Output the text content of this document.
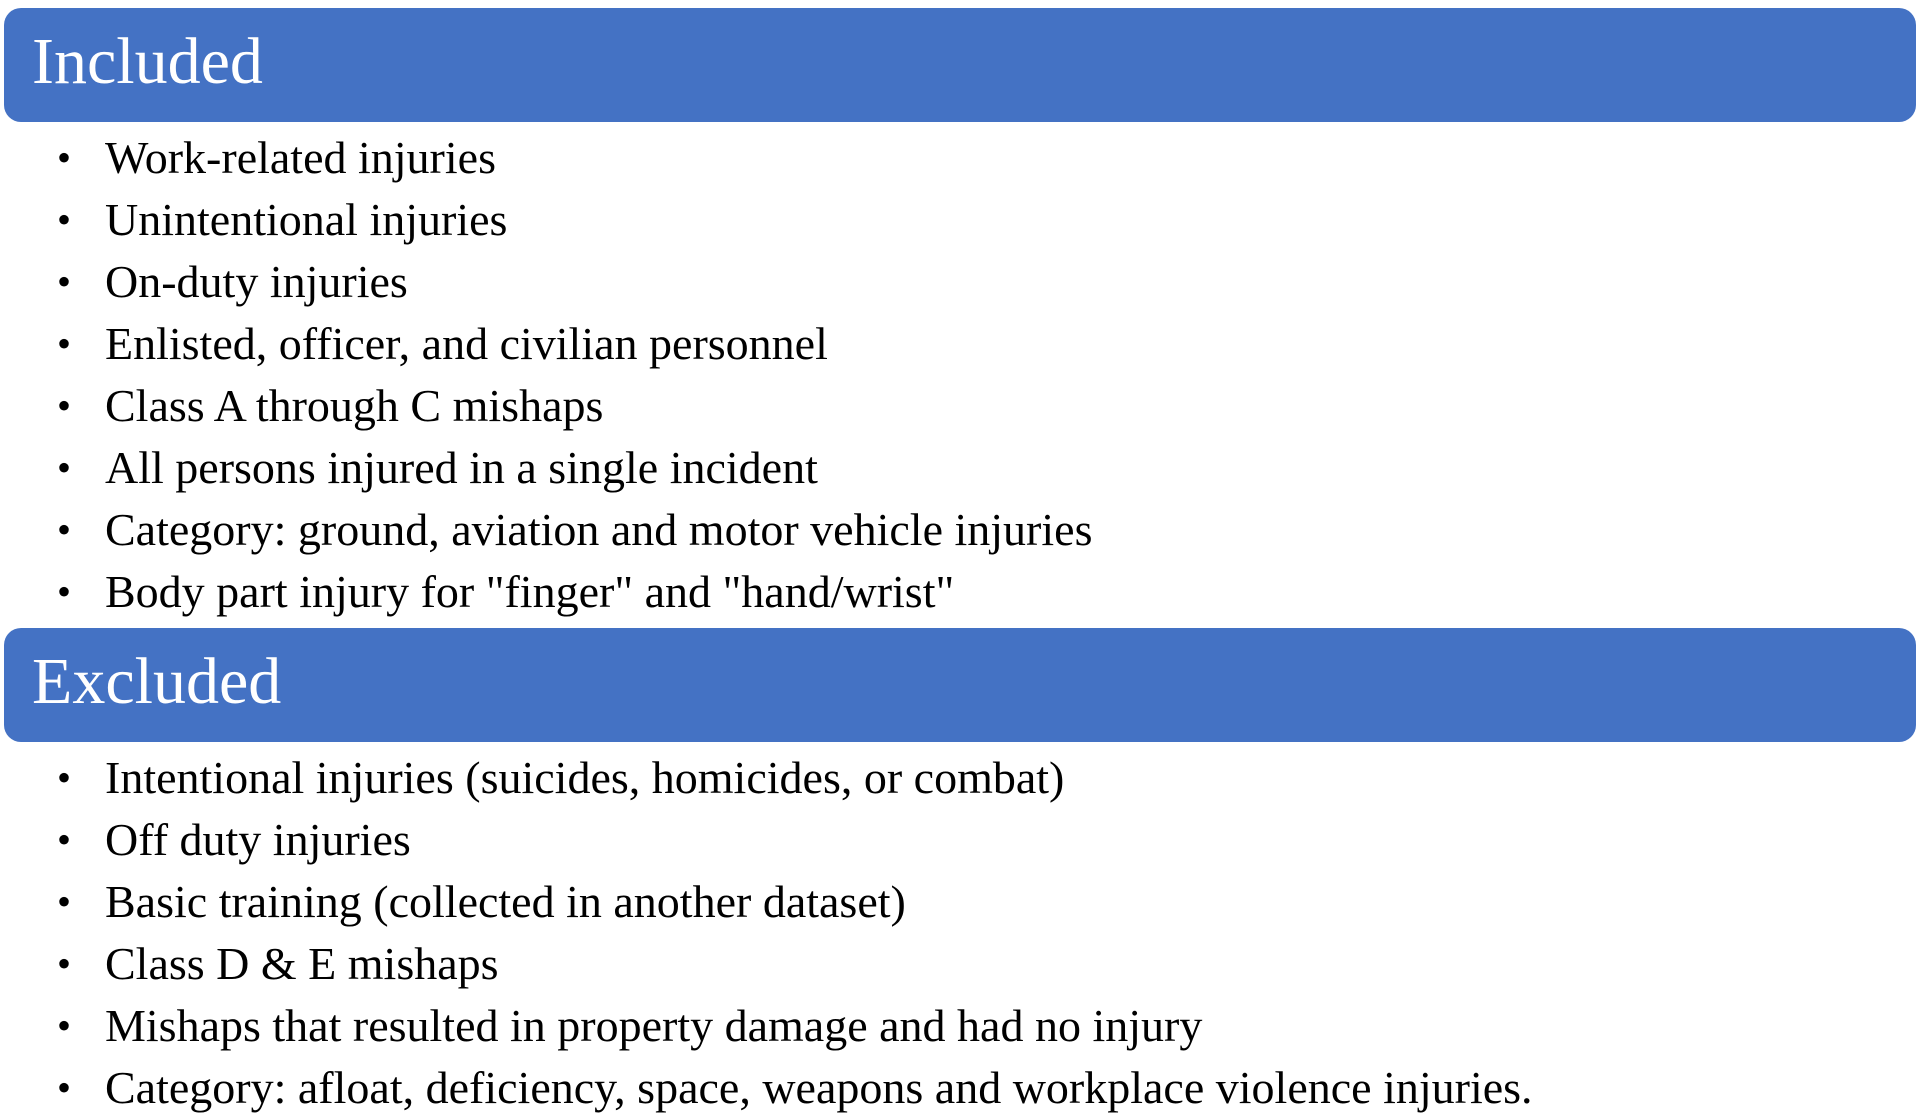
Included
• Work-related injuries
• Unintentional injuries
• On-duty injuries
• Enlisted, officer, and civilian personnel
• Class A through C mishaps
• All persons injured in a single incident
• Category: ground, aviation and motor vehicle injuries
• Body part injury for "finger" and "hand/wrist"
Excluded
• Intentional injuries (suicides, homicides, or combat)
• Off duty injuries
• Basic training (collected in another dataset)
• Class D & E mishaps
• Mishaps that resulted in property damage and had no injury
• Category: afloat, deficiency, space, weapons and workplace violence injuries.
